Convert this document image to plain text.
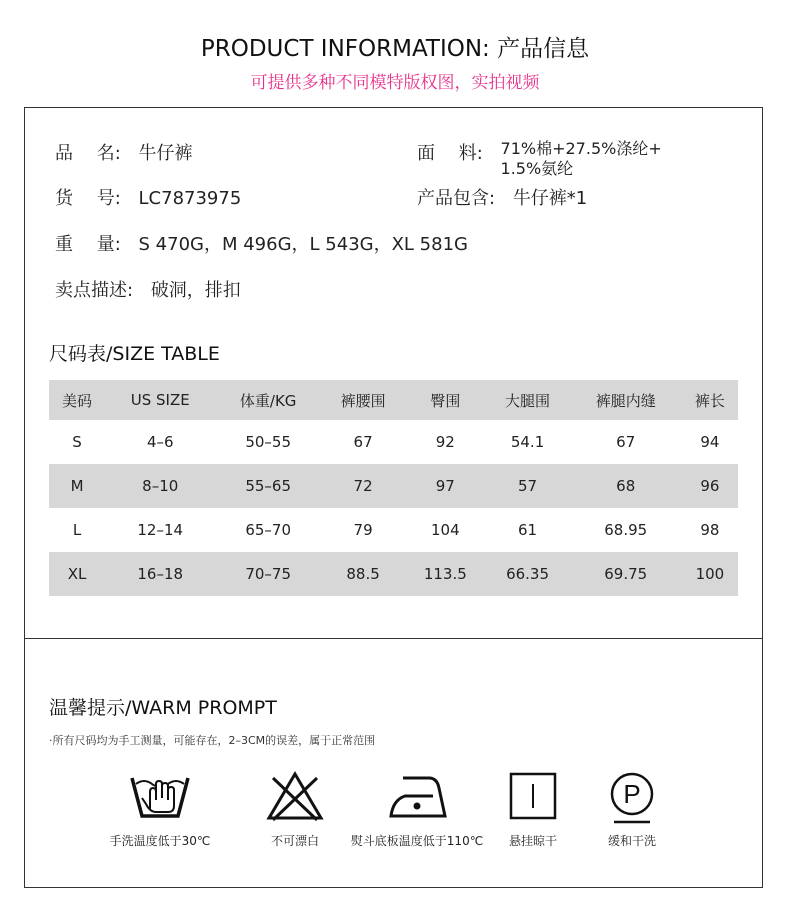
PRODUCT INFORMATION: 产品信息
可提供多种不同模特版权图，实拍视频
品　 名: 牛仔裤	面　 料: 71%棉+27.5%涤纶+
1.5%氨纶
货　 号: LC7873975	产品包含: 牛仔裤*1
重　 量: S 470G，M 496G，L 543G，XL 581G
卖点描述: 破洞，排扣
尺码表/SIZE TABLE
美码	US SIZE	体重/KG	裤腰围	臀围	大腿围	裤腿内缝	裤长
S	4–6	50–55	67	92	54.1	67	94
M	8–10	55–65	72	97	57	68	96
L	12–14	65–70	79	104	61	68.95	98
XL	16–18	70–75	88.5	113.5	66.35	69.75	100
温馨提示/WARM PROMPT
·所有尺码均为手工测量，可能存在，2–3CM的误差，属于正常范围
手洗温度低于30℃	不可漂白	熨斗底板温度低于110℃	悬挂晾干
P
缓和干洗
